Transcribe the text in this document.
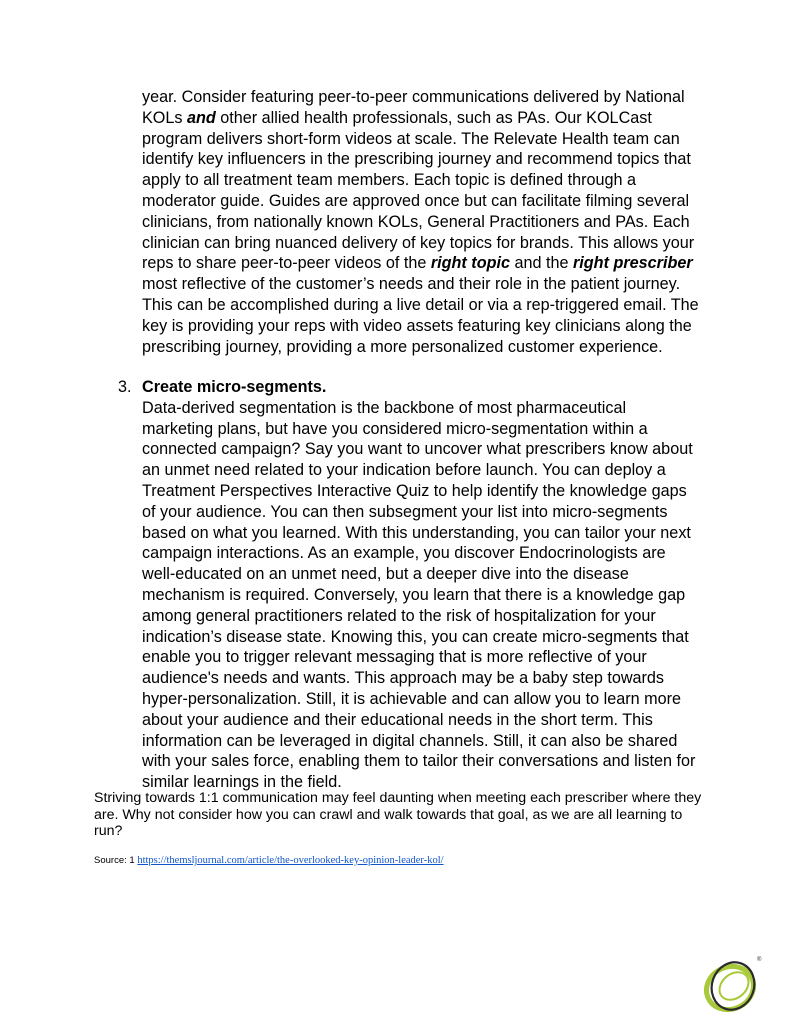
year. Consider featuring peer-to-peer communications delivered by National KOLs and other allied health professionals, such as PAs. Our KOLCast program delivers short-form videos at scale. The Relevate Health team can identify key influencers in the prescribing journey and recommend topics that apply to all treatment team members. Each topic is defined through a moderator guide. Guides are approved once but can facilitate filming several clinicians, from nationally known KOLs, General Practitioners and PAs. Each clinician can bring nuanced delivery of key topics for brands. This allows your reps to share peer-to-peer videos of the right topic and the right prescriber most reflective of the customer’s needs and their role in the patient journey. This can be accomplished during a live detail or via a rep-triggered email. The key is providing your reps with video assets featuring key clinicians along the prescribing journey, providing a more personalized customer experience.

3. Create micro-segments.

Data-derived segmentation is the backbone of most pharmaceutical marketing plans, but have you considered micro-segmentation within a connected campaign? Say you want to uncover what prescribers know about an unmet need related to your indication before launch. You can deploy a Treatment Perspectives Interactive Quiz to help identify the knowledge gaps of your audience. You can then subsegment your list into micro-segments based on what you learned. With this understanding, you can tailor your next campaign interactions. As an example, you discover Endocrinologists are well-educated on an unmet need, but a deeper dive into the disease mechanism is required. Conversely, you learn that there is a knowledge gap among general practitioners related to the risk of hospitalization for your indication’s disease state. Knowing this, you can create micro-segments that enable you to trigger relevant messaging that is more reflective of your audience's needs and wants. This approach may be a baby step towards hyper-personalization. Still, it is achievable and can allow you to learn more about your audience and their educational needs in the short term. This information can be leveraged in digital channels. Still, it can also be shared with your sales force, enabling them to tailor their conversations and listen for similar learnings in the field.

Striving towards 1:1 communication may feel daunting when meeting each prescriber where they are. Why not consider how you can crawl and walk towards that goal, as we are all learning to run?

Source: 1 https://themsljournal.com/article/the-overlooked-key-opinion-leader-kol/
®
